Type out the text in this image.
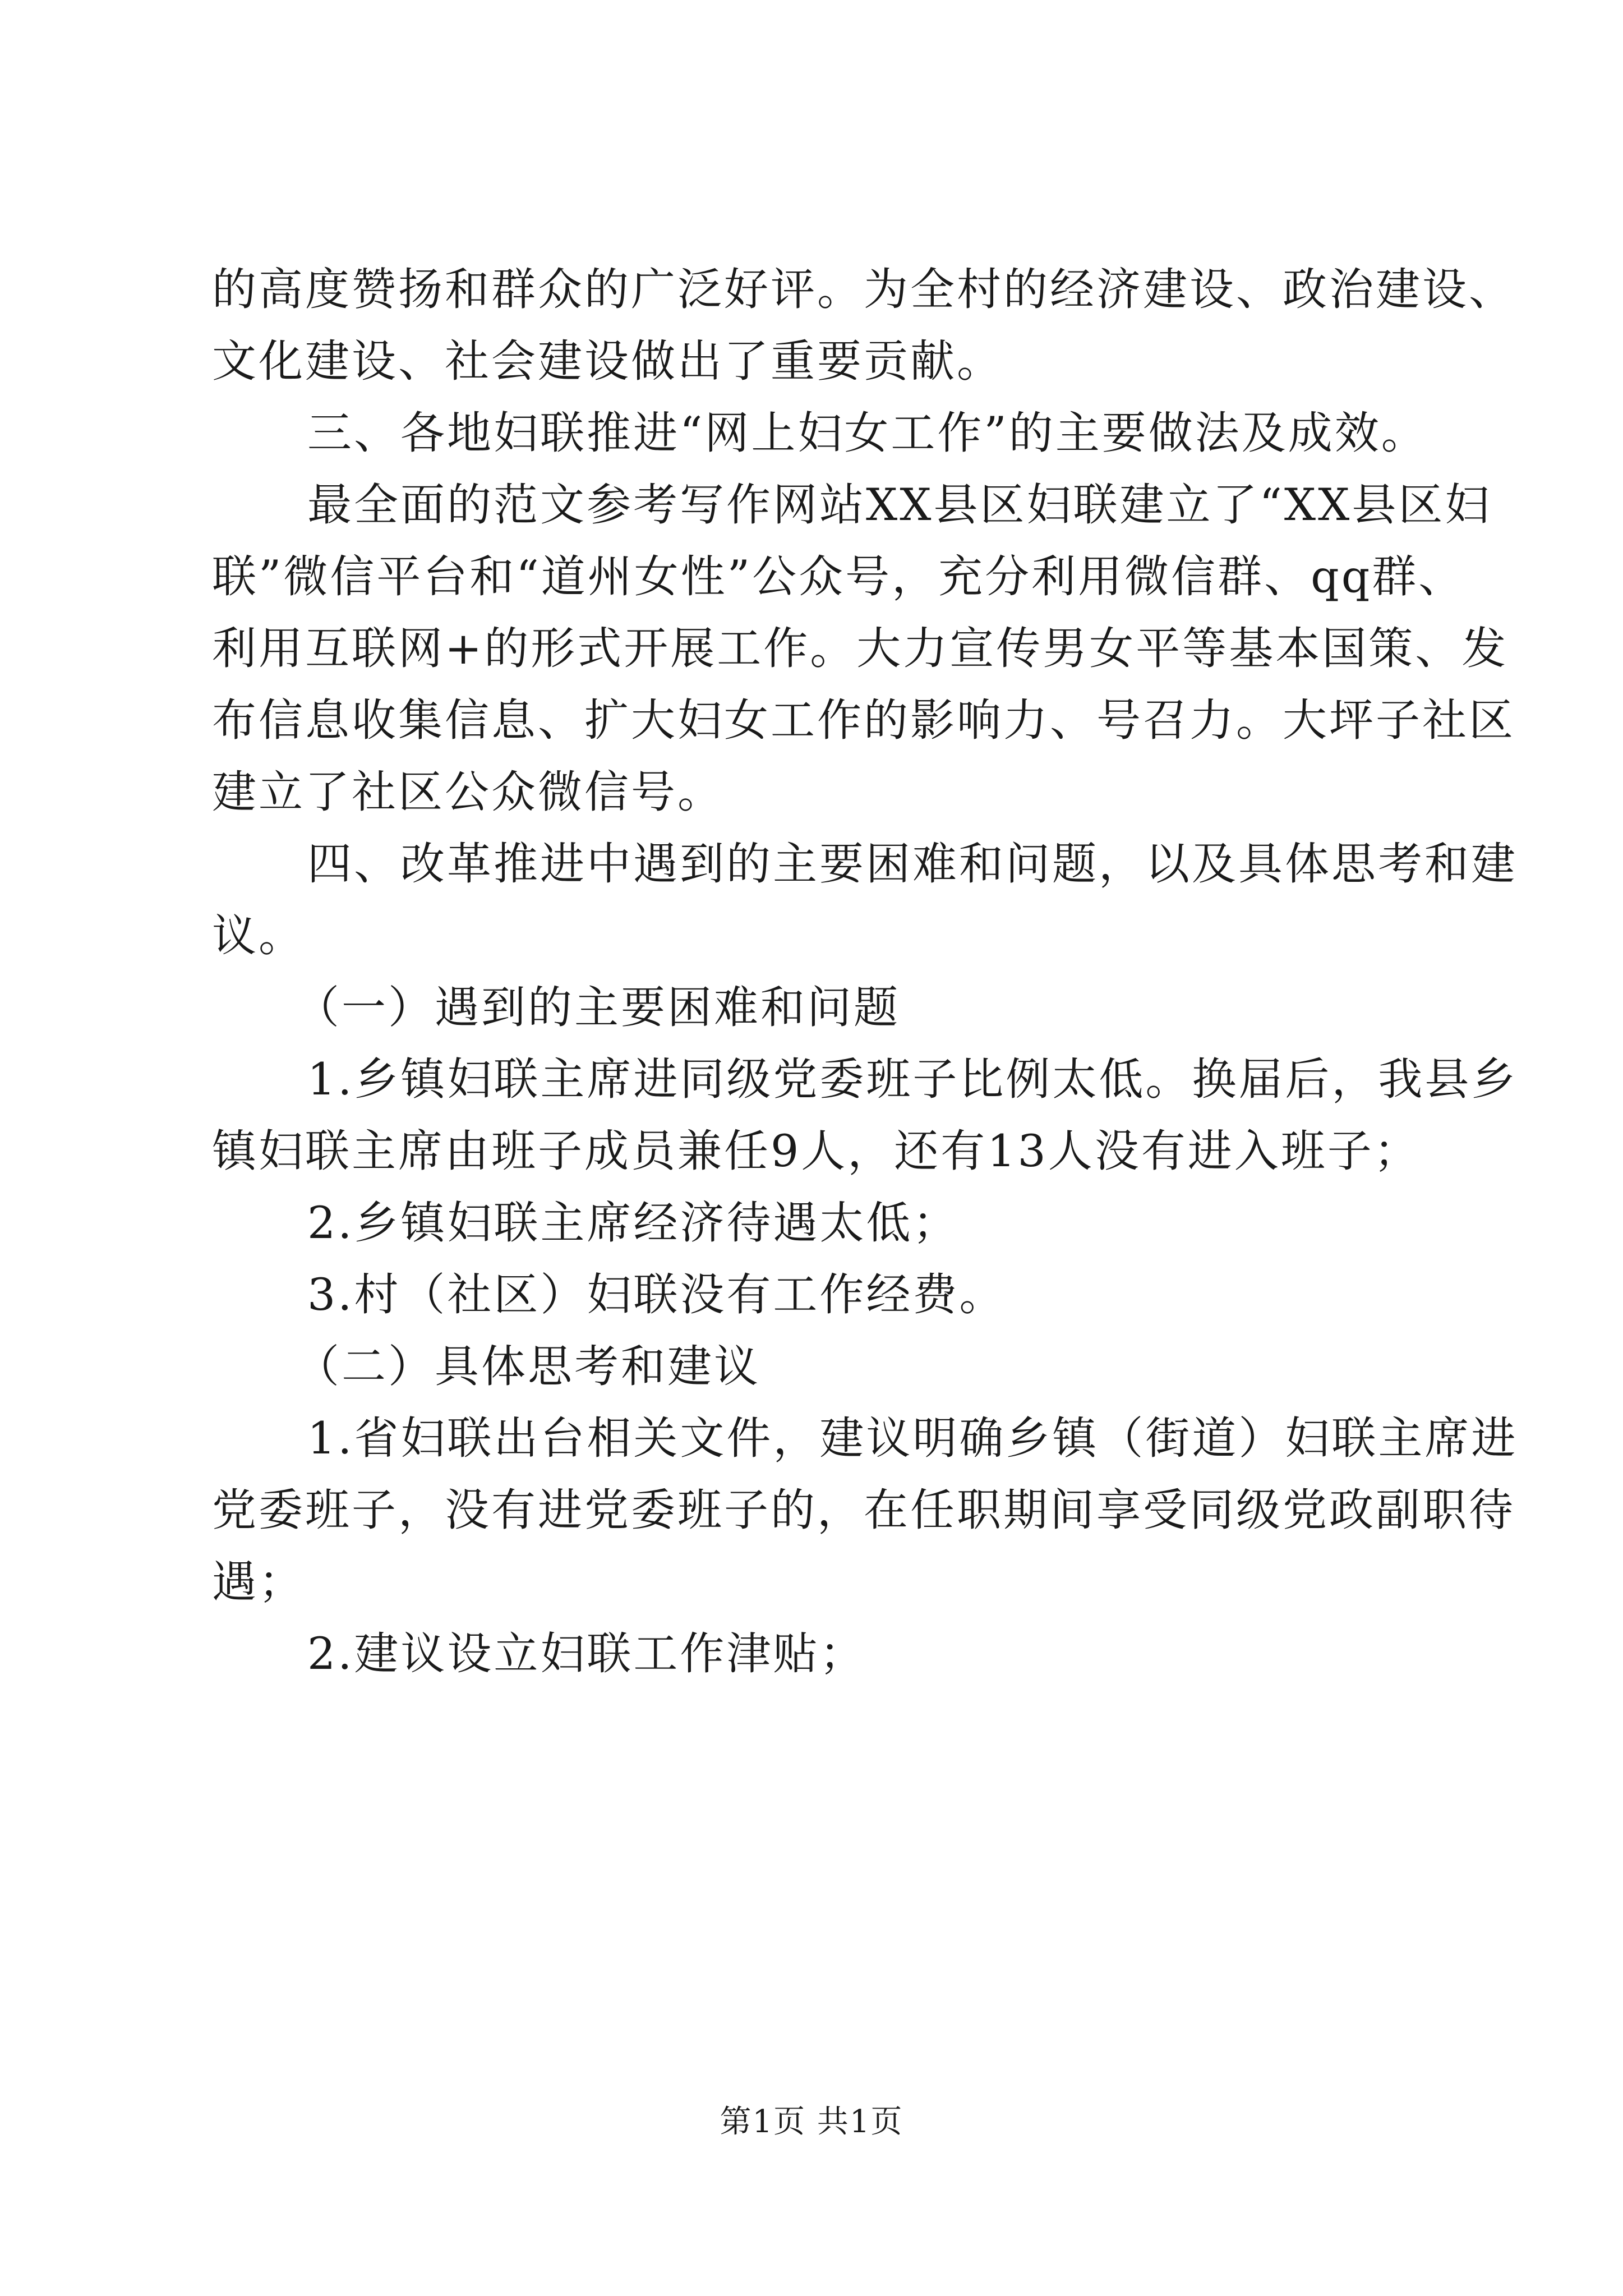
的高度赞扬和群众的广泛好评。为全村的经济建设、政治建设、
文化建设、社会建设做出了重要贡献。
三、各地妇联推进“网上妇女工作”的主要做法及成效。
最全面的范文参考写作网站XX县区妇联建立了“XX县区妇
联”微信平台和“道州女性”公众号，充分利用微信群、qq群、
利用互联网+的形式开展工作。大力宣传男女平等基本国策、发
布信息收集信息、扩大妇女工作的影响力、号召力。大坪子社区
建立了社区公众微信号。
四、改革推进中遇到的主要困难和问题，以及具体思考和建
议。
（一）遇到的主要困难和问题
1.乡镇妇联主席进同级党委班子比例太低。换届后，我县乡
镇妇联主席由班子成员兼任9人，还有13人没有进入班子；
2.乡镇妇联主席经济待遇太低；
3.村（社区）妇联没有工作经费。
（二）具体思考和建议
1.省妇联出台相关文件，建议明确乡镇（街道）妇联主席进
党委班子，没有进党委班子的，在任职期间享受同级党政副职待
遇；
2.建议设立妇联工作津贴；
第1页 共1页
